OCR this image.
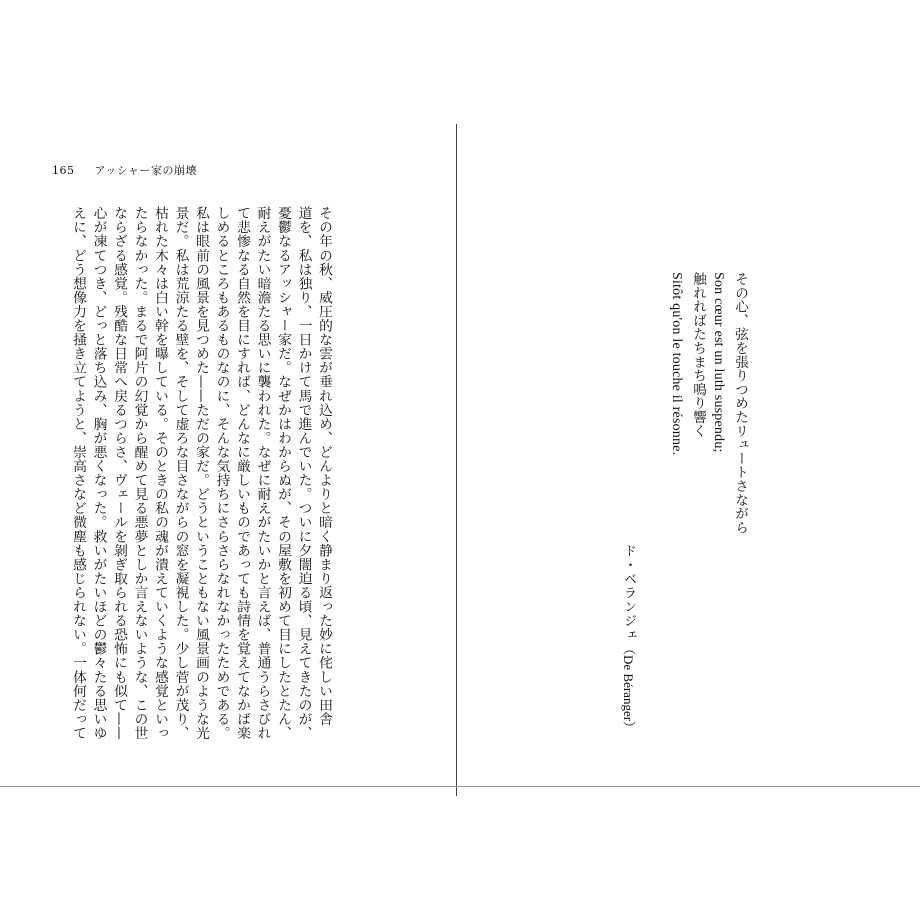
165 アッシャー家の崩壊
その年の秋、威圧的な雲が垂れ込め、どんよりと暗く静まり返った妙に侘しい田舎
道を、私は独り、一日かけて馬で進んでいた。ついに夕闇迫る頃、見えてきたのが、
憂鬱なるアッシャー家だ。なぜかはわからぬが、その屋敷を初めて目にしたとたん、
耐えがたい暗澹たる思いに襲われた。なぜに耐えがたいかと言えば、普通うらさびれ
て悲惨なる自然を目にすれば、どんなに厳しいものであっても詩情を覚えてなかば楽
しめるところもあるものなのに、そんな気持ちにさらさらなれなかったためである。
私は眼前の風景を見つめた——ただの家だ。どうということもない風景画のような光
景だ。私は荒涼たる壁を、そして虚ろな目さながらの窓を凝視した。少し菅が茂り、
枯れた木々は白い幹を曝している。そのときの私の魂が潰えていくような感覚といっ
たらなかった。まるで阿片の幻覚から醒めて見る悪夢としか言えないような、この世
ならざる感覚。残酷な日常へ戻るつらさ、ヴェールを剝ぎ取られる恐怖にも似て——
心が凍てつき、どっと落ち込み、胸が悪くなった。救いがたいほどの鬱々たる思いゆ
えに、どう想像力を掻き立てようと、崇高さなど微塵も感じられない。一体何だって	その心、弦を張りつめたリュートさながら
Son cœur est un luth suspendu;
触れればたちまち鳴り響く
Sitôt qu'on le touche il résonne.
ド・ベランジェ（De Béranger）
